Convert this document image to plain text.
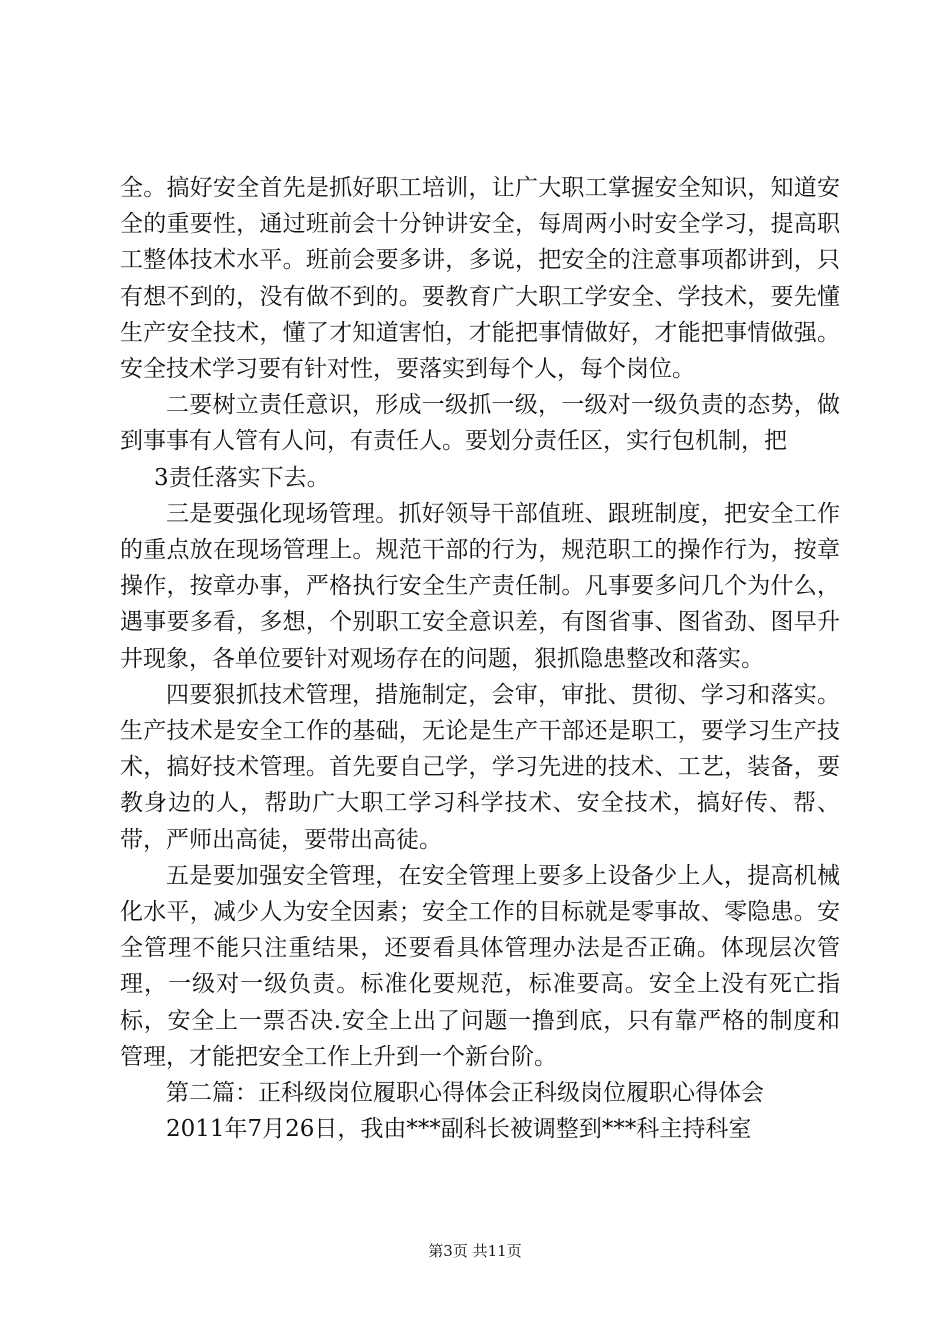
全。搞好安全首先是抓好职工培训，让广大职工掌握安全知识，知道安全的重要性，通过班前会十分钟讲安全，每周两小时安全学习，提高职工整体技术水平。班前会要多讲，多说，把安全的注意事项都讲到，只有想不到的，没有做不到的。要教育广大职工学安全、学技术，要先懂生产安全技术，懂了才知道害怕，才能把事情做好，才能把事情做强。安全技术学习要有针对性，要落实到每个人，每个岗位。

二要树立责任意识，形成一级抓一级，一级对一级负责的态势，做到事事有人管有人问，有责任人。要划分责任区，实行包机制，把

3责任落实下去。

三是要强化现场管理。抓好领导干部值班、跟班制度，把安全工作的重点放在现场管理上。规范干部的行为，规范职工的操作行为，按章操作，按章办事，严格执行安全生产责任制。凡事要多问几个为什么，遇事要多看，多想，个别职工安全意识差，有图省事、图省劲、图早升井现象，各单位要针对观场存在的问题，狠抓隐患整改和落实。

四要狠抓技术管理，措施制定，会审，审批、贯彻、学习和落实。生产技术是安全工作的基础，无论是生产干部还是职工，要学习生产技术，搞好技术管理。首先要自己学，学习先进的技术、工艺，装备，要教身边的人，帮助广大职工学习科学技术、安全技术，搞好传、帮、带，严师出高徒，要带出高徒。

五是要加强安全管理，在安全管理上要多上设备少上人，提高机械化水平，减少人为安全因素；安全工作的目标就是零事故、零隐患。安全管理不能只注重结果，还要看具体管理办法是否正确。体现层次管理，一级对一级负责。标准化要规范，标准要高。安全上没有死亡指标，安全上一票否决.安全上出了问题一撸到底，只有靠严格的制度和管理，才能把安全工作上升到一个新台阶。

第二篇：正科级岗位履职心得体会正科级岗位履职心得体会

2011年7月26日，我由***副科长被调整到***科主持科室

第3页 共11页
